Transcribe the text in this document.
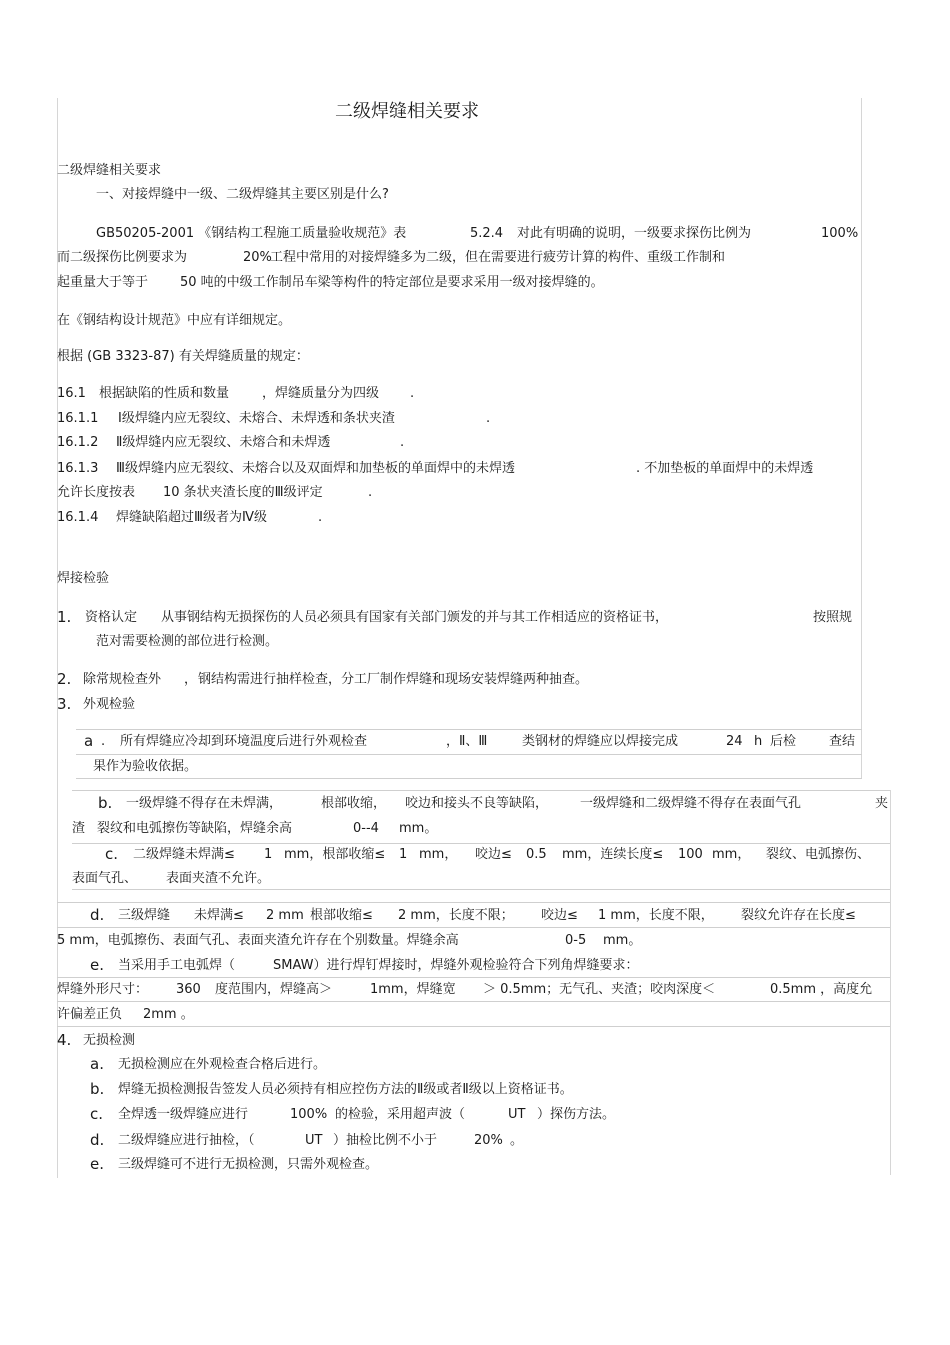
二级焊缝相关要求
二级焊缝相关要求
一、对接焊缝中一级、二级焊缝其主要区别是什么?
GB50205-2001 《钢结构工程施工质量验收规范》表	5.2.4 对此有明确的说明，一级要求探伤比例为	100%
而二级探伤比例要求为	20%
工程中常用的对接焊缝多为二级，但在需要进行疲劳计算的构件、重级工作制和
起重量大于等于 50 吨的中级工作制吊车梁等构件的特定部位是要求采用一级对接焊缝的。
在《钢结构设计规范》中应有详细规定。
根据 (GB 3323-87) 有关焊缝质量的规定：
16.1 根据缺陷的性质和数量	，焊缝质量分为四级 .
16.1.1 Ⅰ级焊缝内应无裂纹、未熔合、未焊透和条状夹渣	.
16.1.2 Ⅱ级焊缝内应无裂纹、未熔合和未焊透	.
16.1.3 Ⅲ级焊缝内应无裂纹、未熔合以及双面焊和加垫板的单面焊中的未焊透	. 不加垫板的单面焊中的未焊透
允许长度按表 10 条状夹渣长度的Ⅲ级评定	.
16.1.4 焊缝缺陷超过Ⅲ级者为Ⅳ级	.
焊接检验
1. 资格认定 从事钢结构无损探伤的人员必须具有国家有关部门颁发的并与其工作相适应的资格证书，	按照规
范对需要检测的部位进行检测。
2. 除常规检查外 ， 钢结构需进行抽样检查，分工厂制作焊缝和现场安装焊缝两种抽查。
3. 外观检验
a . 所有焊缝应冷却到环境温度后进行外观检查	，Ⅱ、Ⅲ	类钢材的焊缝应以焊接完成	24 h 后检	查结
果作为验收依据。
b. 一级焊缝不得存在未焊满，	根部收缩， 咬边和接头不良等缺陷， 一级焊缝和二级焊缝不得存在表面气孔	夹
渣 裂纹和电弧擦伤等缺陷，焊缝余高	0--4 mm。
c. 二级焊缝未焊满≤ 1 mm，根部收缩≤ 1 mm， 咬边≤ 0.5 mm，连续长度≤ 100 mm， 裂纹、电弧擦伤、
表面气孔、 表面夹渣不允许。
d. 三级焊缝 未焊满≤ 2 mm 根部收缩≤ 2 mm，长度不限； 咬边≤ 1 mm，长度不限， 裂纹允许存在长度≤
5 mm，电弧擦伤、表面气孔、表面夹渣允许存在个别数量。焊缝余高	0-5 mm。
e. 当采用手工电弧焊（	SMAW）进行焊钉焊接时，焊缝外观检验符合下列角焊缝要求：
焊缝外形尺寸： 360 度范围内，焊缝高＞	1mm，焊缝宽 ＞ 0.5mm；无气孔、夹渣；咬肉深度＜	0.5mm ，高度允
许偏差正负 2mm 。
4. 无损检测
a. 无损检测应在外观检查合格后进行。
b. 焊缝无损检测报告签发人员必须持有相应控伤方法的Ⅱ级或者Ⅱ级以上资格证书。
c. 全焊透一级焊缝应进行	100% 的检验，采用超声波（	UT ）探伤方法。
d. 二级焊缝应进行抽检，（	UT ）抽检比例不小于	20% 。
e. 三级焊缝可不进行无损检测，只需外观检查。
